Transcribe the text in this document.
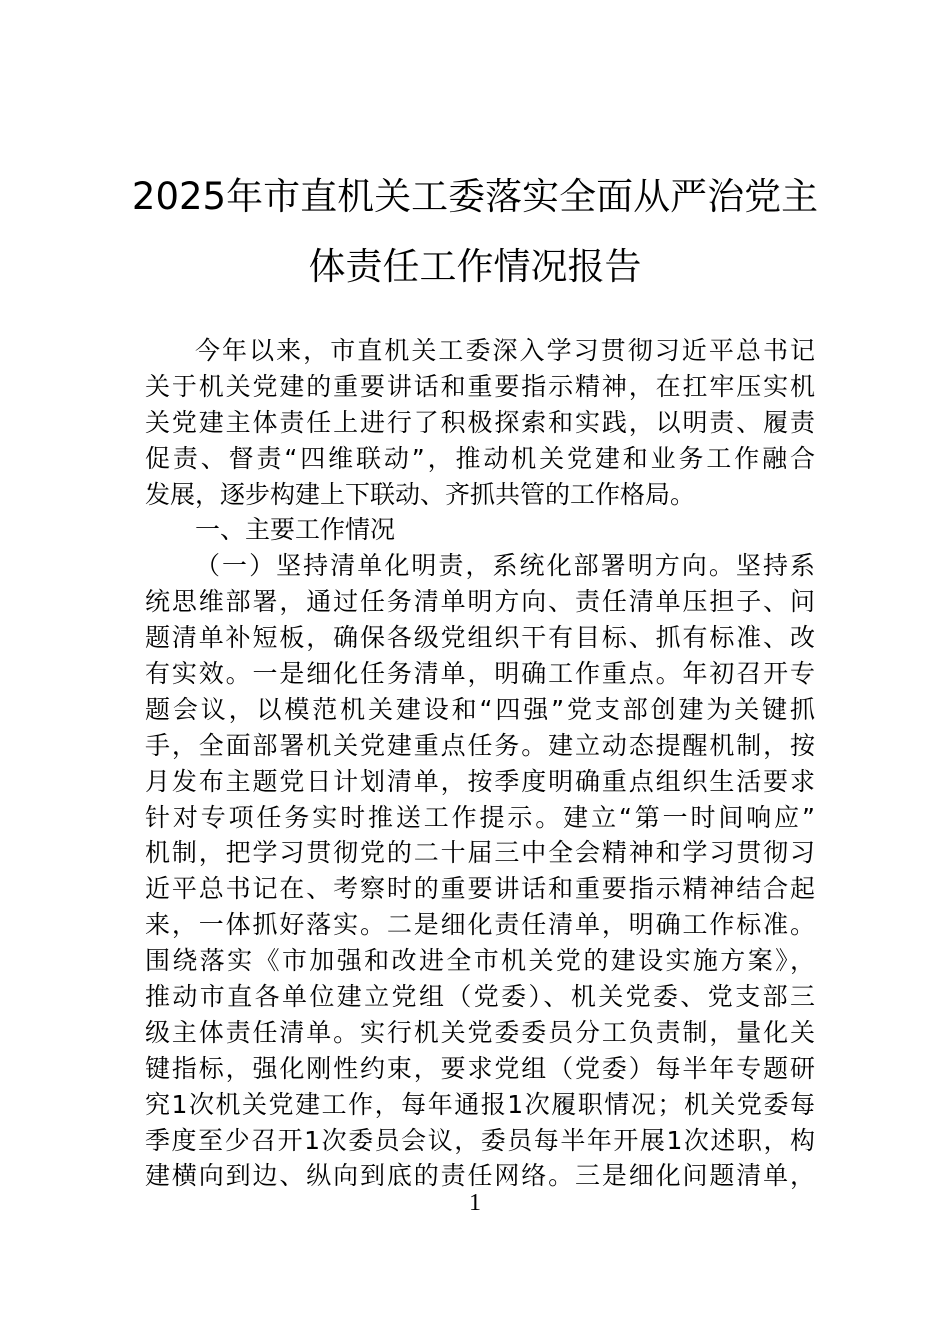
2025年市直机关工委落实全面从严治党主
体责任工作情况报告
今年以来，市直机关工委深入学习贯彻习近平总书记
关于机关党建的重要讲话和重要指示精神，在扛牢压实机
关党建主体责任上进行了积极探索和实践，以明责、履责
促责、督责“四维联动”，推动机关党建和业务工作融合
发展，逐步构建上下联动、齐抓共管的工作格局。
一、主要工作情况
（一）坚持清单化明责，系统化部署明方向。坚持系
统思维部署，通过任务清单明方向、责任清单压担子、问
题清单补短板，确保各级党组织干有目标、抓有标准、改
有实效。一是细化任务清单，明确工作重点。年初召开专
题会议，以模范机关建设和“四强”党支部创建为关键抓
手，全面部署机关党建重点任务。建立动态提醒机制，按
月发布主题党日计划清单，按季度明确重点组织生活要求
针对专项任务实时推送工作提示。建立“第一时间响应”
机制，把学习贯彻党的二十届三中全会精神和学习贯彻习
近平总书记在、考察时的重要讲话和重要指示精神结合起
来，一体抓好落实。二是细化责任清单，明确工作标准。
围绕落实《市加强和改进全市机关党的建设实施方案》，
推动市直各单位建立党组（党委）、机关党委、党支部三
级主体责任清单。实行机关党委委员分工负责制，量化关
键指标，强化刚性约束，要求党组（党委）每半年专题研
究1次机关党建工作，每年通报1次履职情况；机关党委每
季度至少召开1次委员会议，委员每半年开展1次述职，构
建横向到边、纵向到底的责任网络。三是细化问题清单，
1
